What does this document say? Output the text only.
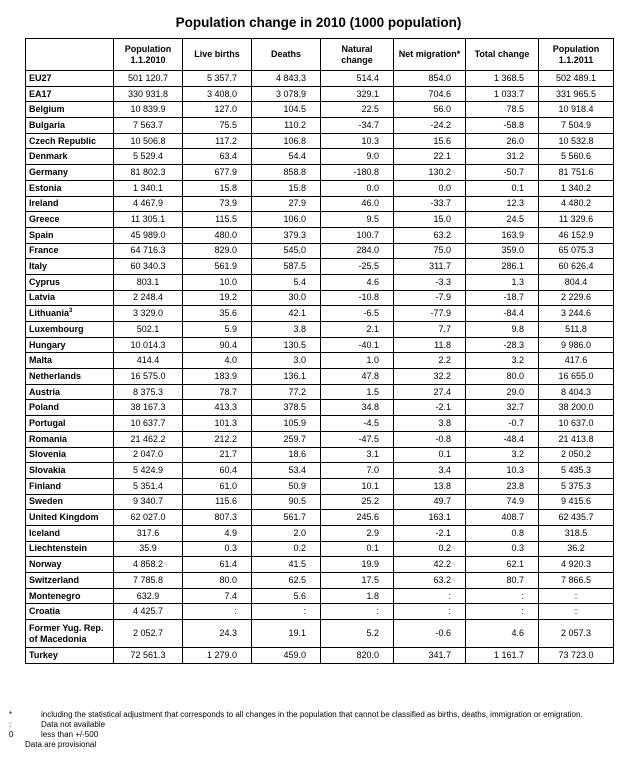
Population change in 2010 (1000 population)
	Population 1.1.2010	Live births	Deaths	Natural change	Net migration*	Total change	Population 1.1.2011
EU27	501 120.7	5 357.7	4 843.3	514.4	854.0	1 368.5	502 489.1
EA17	330 931.8	3 408.0	3 078.9	329.1	704.6	1 033.7	331 965.5
Belgium	10 839.9	127.0	104.5	22.5	56.0	78.5	10 918.4
Bulgaria	7 563.7	75.5	110.2	-34.7	-24.2	-58.8	7 504.9
Czech Republic	10 506.8	117.2	106.8	10.3	15.6	26.0	10 532.8
Denmark	5 529.4	63.4	54.4	9.0	22.1	31.2	5 560.6
Germany	81 802.3	677.9	858.8	-180.8	130.2	-50.7	81 751.6
Estonia	1 340.1	15.8	15.8	0.0	0.0	0.1	1 340.2
Ireland	4 467.9	73.9	27.9	46.0	-33.7	12.3	4 480.2
Greece	11 305.1	115.5	106.0	9.5	15.0	24.5	11 329.6
Spain	45 989.0	480.0	379.3	100.7	63.2	163.9	46 152.9
France	64 716.3	829.0	545.0	284.0	75.0	359.0	65 075.3
Italy	60 340.3	561.9	587.5	-25.5	311.7	286.1	60 626.4
Cyprus	803.1	10.0	5.4	4.6	-3.3	1.3	804.4
Latvia	2 248.4	19.2	30.0	-10.8	-7.9	-18.7	2 229.6
Lithuania$^3$	3 329.0	35.6	42.1	-6.5	-77.9	-84.4	3 244.6
Luxembourg	502.1	5.9	3.8	2.1	7.7	9.8	511.8
Hungary	10 014.3	90.4	130.5	-40.1	11.8	-28.3	9 986.0
Malta	414.4	4.0	3.0	1.0	2.2	3.2	417.6
Netherlands	16 575.0	183.9	136.1	47.8	32.2	80.0	16 655.0
Austria	8 375.3	78.7	77.2	1.5	27.4	29.0	8 404.3
Poland	38 167.3	413.3	378.5	34.8	-2.1	32.7	38 200.0
Portugal	10 637.7	101.3	105.9	-4.5	3.8	-0.7	10 637.0
Romania	21 462.2	212.2	259.7	-47.5	-0.8	-48.4	21 413.8
Slovenia	2 047.0	21.7	18.6	3.1	0.1	3.2	2 050.2
Slovakia	5 424.9	60.4	53.4	7.0	3.4	10.3	5 435.3
Finland	5 351.4	61.0	50.9	10.1	13.8	23.8	5 375.3
Sweden	9 340.7	115.6	90.5	25.2	49.7	74.9	9 415.6
United Kingdom	62 027.0	807.3	561.7	245.6	163.1	408.7	62 435.7
Iceland	317.6	4.9	2.0	2.9	-2.1	0.8	318.5
Liechtenstein	35.9	0.3	0.2	0.1	0.2	0.3	36.2
Norway	4 858.2	61.4	41.5	19.9	42.2	62.1	4 920.3
Switzerland	7 785.8	80.0	62.5	17.5	63.2	80.7	7 866.5
Montenegro	632.9	7.4	5.6	1.8	:	:	:
Croatia	4 425.7	:	:	:	:	:	:
Former Yug. Rep. of Macedonia	2 052.7	24.3	19.1	5.2	-0.6	4.6	2 057.3
Turkey	72 561.3	1 279.0	459.0	820.0	341.7	1 161.7	73 723.0
*	including the statistical adjustment that corresponds to all changes in the population that cannot be classified as births, deaths, immigration or emigration.
:	Data not available
0	less than +/-500
Data are provisional
